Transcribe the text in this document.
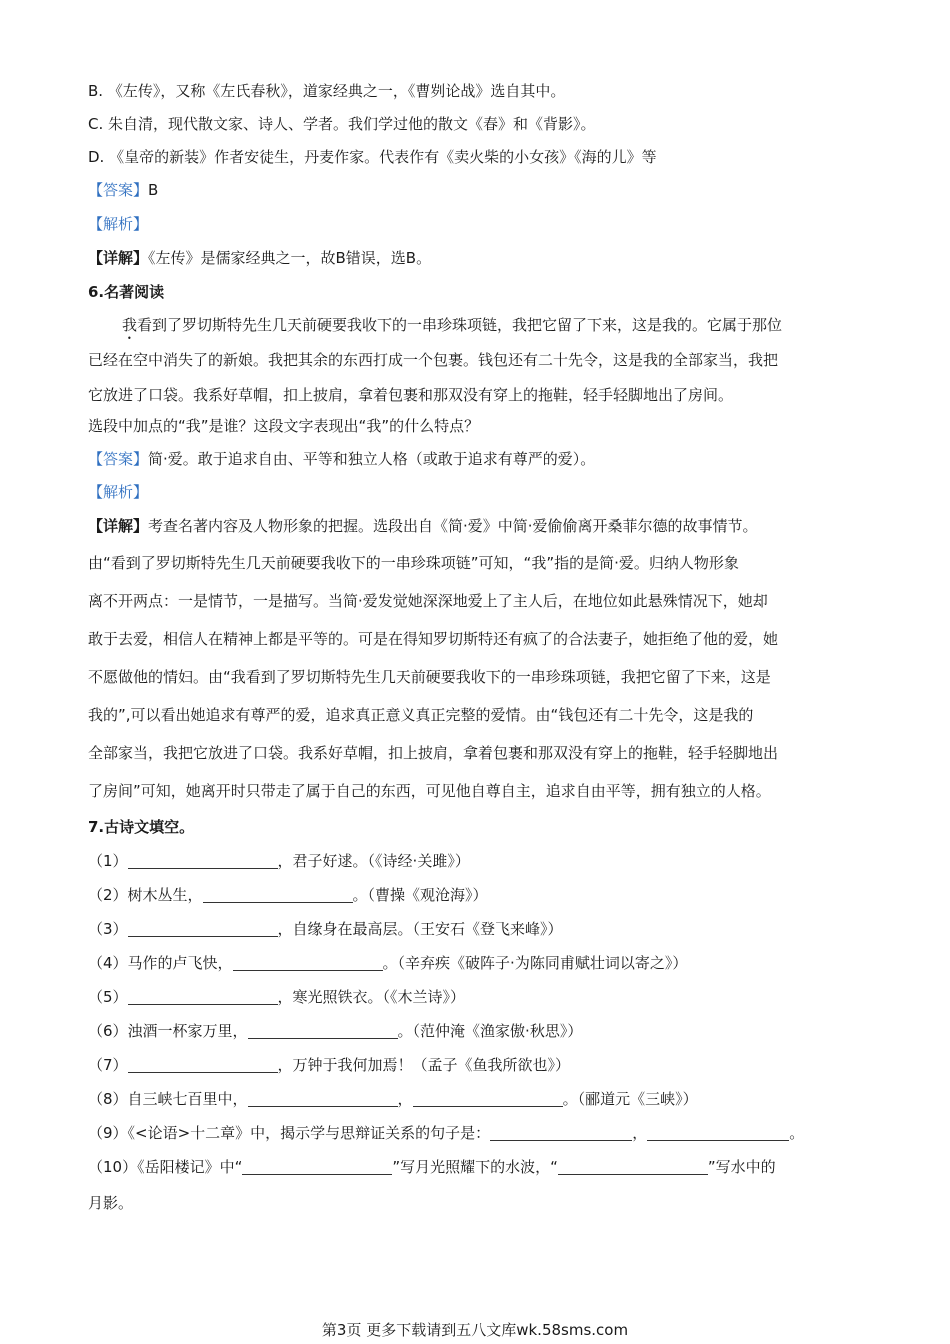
B. 《左传》，又称《左氏春秋》，道家经典之一，《曹刿论战》选自其中。
C. 朱自清，现代散文家、诗人、学者。我们学过他的散文《春》和《背影》。
D. 《皇帝的新装》作者安徒生，丹麦作家。代表作有《卖火柴的小女孩》《海的儿》等
【答案】B
【解析】
【详解】《左传》是儒家经典之一，故B错误，选B。
6.名著阅读
我看到了罗切斯特先生几天前硬要我收下的一串珍珠项链，我把它留了下来，这是我的。它属于那位
已经在空中消失了的新娘。我把其余的东西打成一个包裹。钱包还有二十先令，这是我的全部家当，我把
它放进了口袋。我系好草帽，扣上披肩，拿着包裹和那双没有穿上的拖鞋，轻手轻脚地出了房间。
选段中加点的“我”是谁？这段文字表现出“我”的什么特点？
【答案】简·爱。敢于追求自由、平等和独立人格（或敢于追求有尊严的爱）。
【解析】
【详解】考查名著内容及人物形象的把握。选段出自《简·爱》中简·爱偷偷离开桑菲尔德的故事情节。
由“看到了罗切斯特先生几天前硬要我收下的一串珍珠项链”可知，“我”指的是简·爱。归纳人物形象
离不开两点：一是情节，一是描写。当简·爱发觉她深深地爱上了主人后，在地位如此悬殊情况下，她却
敢于去爱，相信人在精神上都是平等的。可是在得知罗切斯特还有疯了的合法妻子，她拒绝了他的爱，她
不愿做他的情妇。由“我看到了罗切斯特先生几天前硬要我收下的一串珍珠项链，我把它留了下来，这是
我的”,可以看出她追求有尊严的爱，追求真正意义真正完整的爱情。由“钱包还有二十先令，这是我的
全部家当，我把它放进了口袋。我系好草帽，扣上披肩，拿着包裹和那双没有穿上的拖鞋，轻手轻脚地出
了房间”可知，她离开时只带走了属于自己的东西，可见他自尊自主，追求自由平等，拥有独立的人格。
7.古诗文填空。
（1）	，君子好逑。（《诗经·关雎》）
（2）树木丛生，	。（曹操《观沧海》）
（3）	，自缘身在最高层。（王安石《登飞来峰》）
（4）马作的卢飞快，	。（辛弃疾《破阵子·为陈同甫赋壮词以寄之》）
（5）	，寒光照铁衣。（《木兰诗》）
（6）浊酒一杯家万里，	。（范仲淹《渔家傲·秋思》）
（7）	，万钟于我何加焉！（孟子《鱼我所欲也》）
（8）自三峡七百里中，	，	。（郦道元《三峡》）
（9）《<论语>十二章》中，揭示学与思辩证关系的句子是：	，	。
（10）《岳阳楼记》中“	”写月光照耀下的水波，“	”写水中的
月影。
第3页 更多下载请到五八文库wk.58sms.com
